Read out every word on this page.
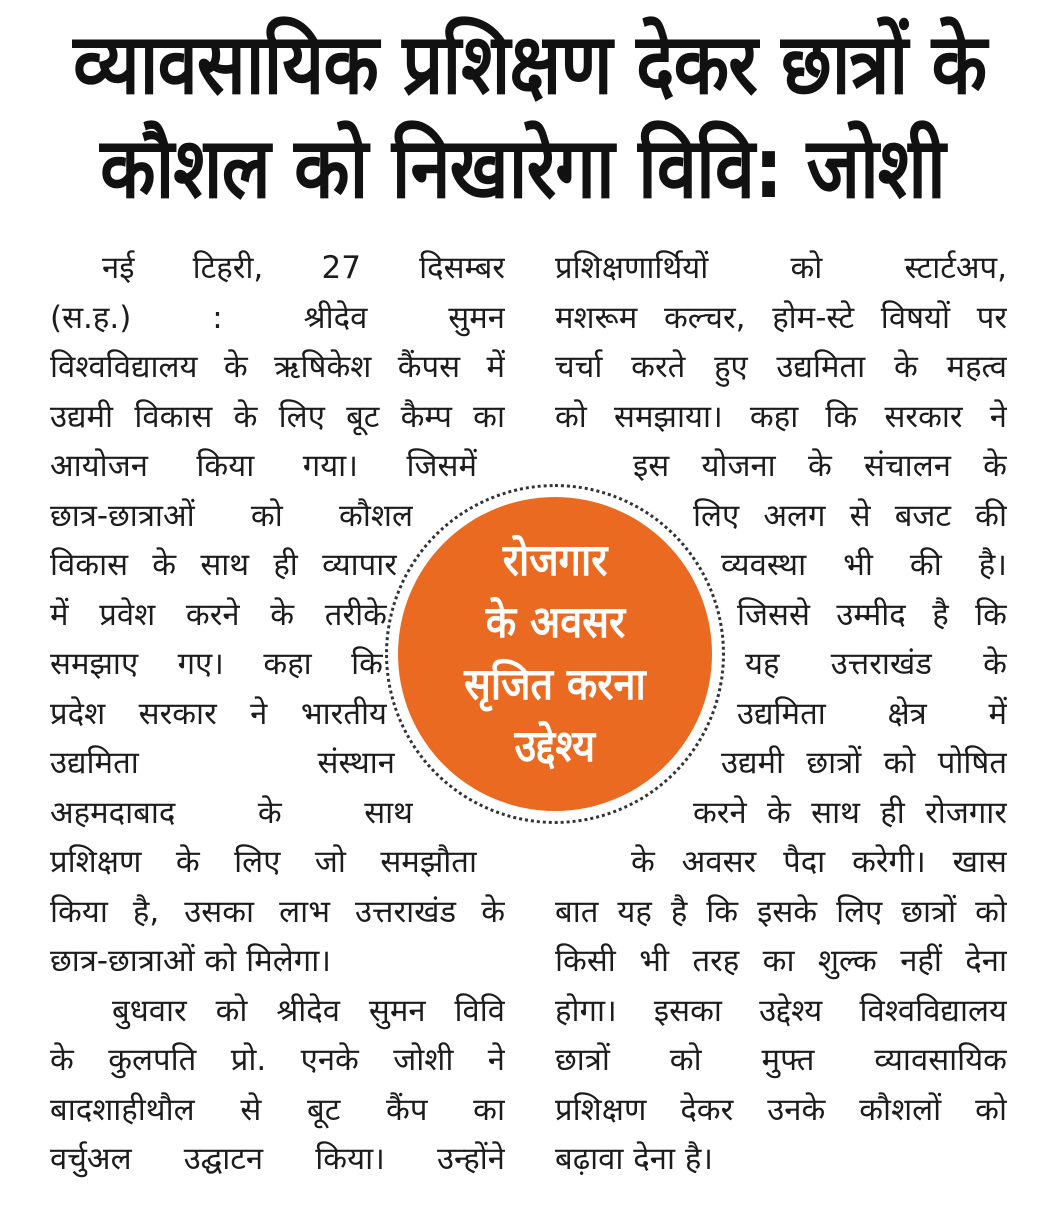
व्यावसायिक प्रशिक्षण देकर छात्रों के
कौशल को निखारेगा विवि: जोशी
नई टिहरी, 27 दिसम्बर
(स.ह.) : श्रीदेव सुमन
विश्वविद्यालय के ऋषिकेश कैंपस में
उद्यमी विकास के लिए बूट कैम्प का
आयोजन किया गया। जिसमें
छात्र-छात्राओं को कौशल
विकास के साथ ही व्यापार
में प्रवेश करने के तरीके
समझाए गए। कहा कि
प्रदेश सरकार ने भारतीय
उद्यमिता संस्थान
अहमदाबाद के साथ
प्रशिक्षण के लिए जो समझौता
किया है, उसका लाभ उत्तराखंड के
छात्र-छात्राओं को मिलेगा।
बुधवार को श्रीदेव सुमन विवि
के कुलपति प्रो. एनके जोशी ने
बादशाहीथौल से बूट कैंप का
वर्चुअल उद्घाटन किया। उन्होंने
प्रशिक्षणार्थियों को स्टार्टअप,
मशरूम कल्चर, होम-स्टे विषयों पर
चर्चा करते हुए उद्यमिता के महत्व
को समझाया। कहा कि सरकार ने
इस योजना के संचालन के
लिए अलग से बजट की
व्यवस्था भी की है।
जिससे उम्मीद है कि
यह उत्तराखंड के
उद्यमिता क्षेत्र में
उद्यमी छात्रों को पोषित
करने के साथ ही रोजगार
के अवसर पैदा करेगी। खास
बात यह है कि इसके लिए छात्रों को
किसी भी तरह का शुल्क नहीं देना
होगा। इसका उद्देश्य विश्वविद्यालय
छात्रों को मुफ्त व्यावसायिक
प्रशिक्षण देकर उनके कौशलों को
बढ़ावा देना है।
रोजगार
के अवसर
सृजित करना
उद्देश्य
